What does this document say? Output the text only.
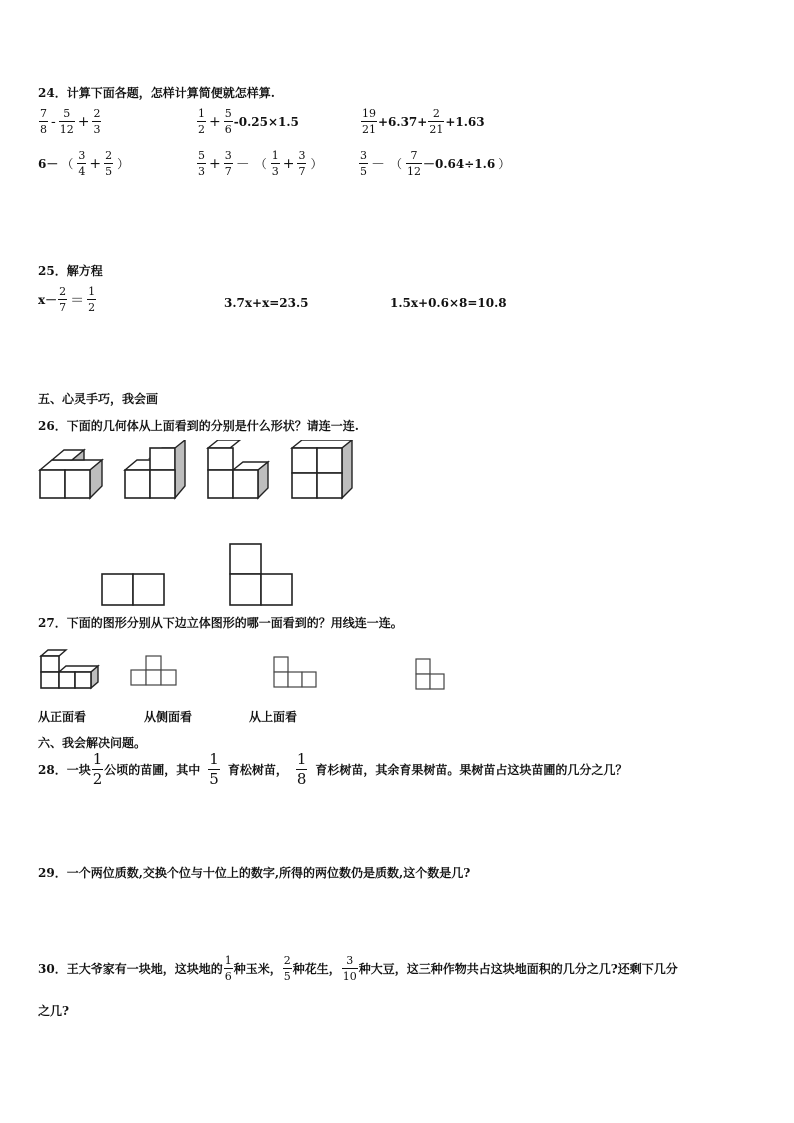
24．计算下面各题，怎样计算简便就怎样算.
$\frac{7}{8} - \frac{5}{12} + \frac{2}{3}$	$\frac{1}{2} + \frac{5}{6} -0.25\times 1.5$	$\frac{19}{21} +6.37+ \frac{2}{21} +1.63$
6－ （ $\frac{3}{4} + \frac{2}{5}$ ）	$\frac{5}{3} + \frac{3}{7}$ － （ $\frac{1}{3} + \frac{3}{7}$ ）	$\frac{3}{5}$ － （ $\frac{7}{12} -0.64\div 1.6$ ）
25．解方程
$x- \frac{2}{7} = \frac{1}{2}$	3.7x+x=23.5	1.5x+0.6×8=10.8
五、心灵手巧，我会画
26．下面的几何体从上面看到的分别是什么形状？请连一连.
27．下面的图形分别从下边立体图形的哪一面看到的？用线连一连。
从正面看	从侧面看	从上面看
六、我会解决问题。
28．一块 $\frac{1}{2}$ 公顷的苗圃，其中 $\frac{1}{5}$ 育松树苗， $\frac{1}{8}$ 育杉树苗，其余育果树苗。果树苗占这块苗圃的几分之几？
29．一个两位质数,交换个位与十位上的数字,所得的两位数仍是质数,这个数是几?
30．王大爷家有一块地，这块地的 $\frac{1}{6}$ 种玉米， $\frac{2}{5}$ 种花生， $\frac{3}{10}$ 种大豆，这三种作物共占这块地面积的几分之几?还剩下几分
之几?
